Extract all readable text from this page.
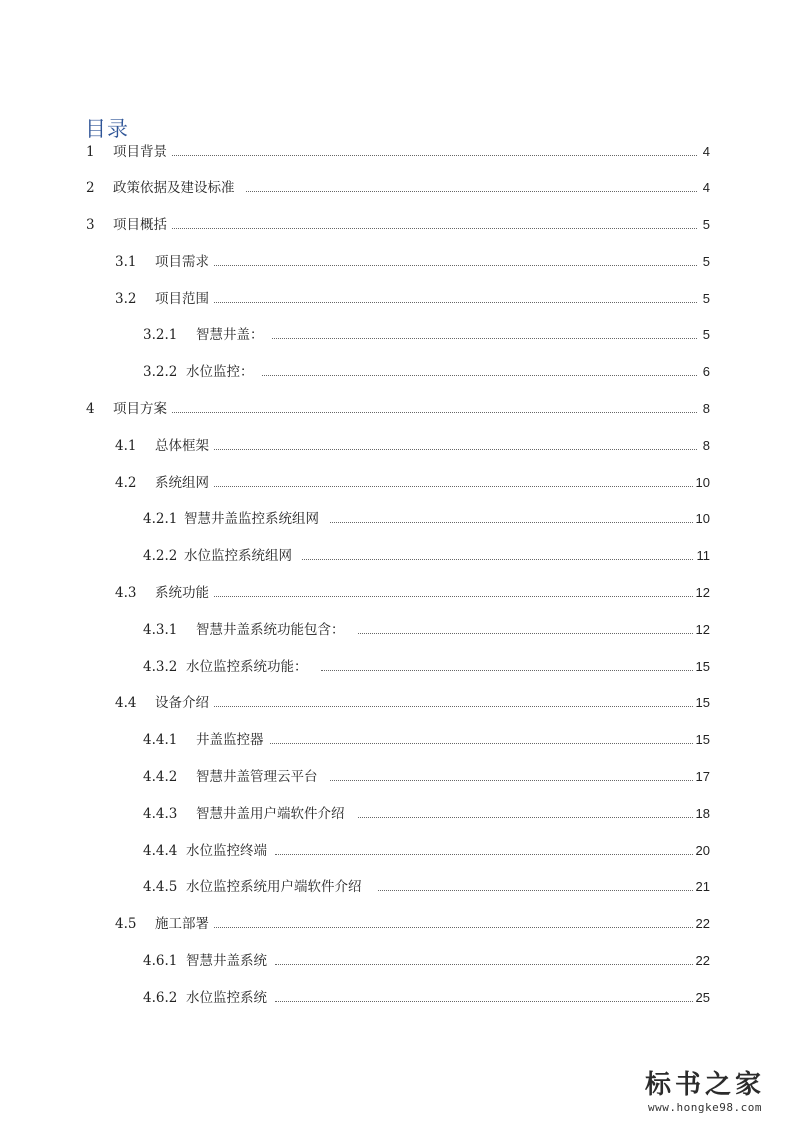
目录
1 项目背景	4
2 政策依据及建设标准	4
3 项目概括	5
3.1 项目需求	5
3.2 项目范围	5
3.2.1 智慧井盖：	5
3.2.2 水位监控：	6
4 项目方案	8
4.1 总体框架	8
4.2 系统组网	10
4.2.1 智慧井盖监控系统组网	10
4.2.2 水位监控系统组网	11
4.3 系统功能	12
4.3.1 智慧井盖系统功能包含：	12
4.3.2 水位监控系统功能：	15
4.4 设备介绍	15
4.4.1 井盖监控器	15
4.4.2 智慧井盖管理云平台	17
4.4.3 智慧井盖用户端软件介绍	18
4.4.4 水位监控终端	20
4.4.5 水位监控系统用户端软件介绍	21
4.5 施工部署	22
4.6.1 智慧井盖系统	22
4.6.2 水位监控系统	25
标书之家
www.hongke98.com
